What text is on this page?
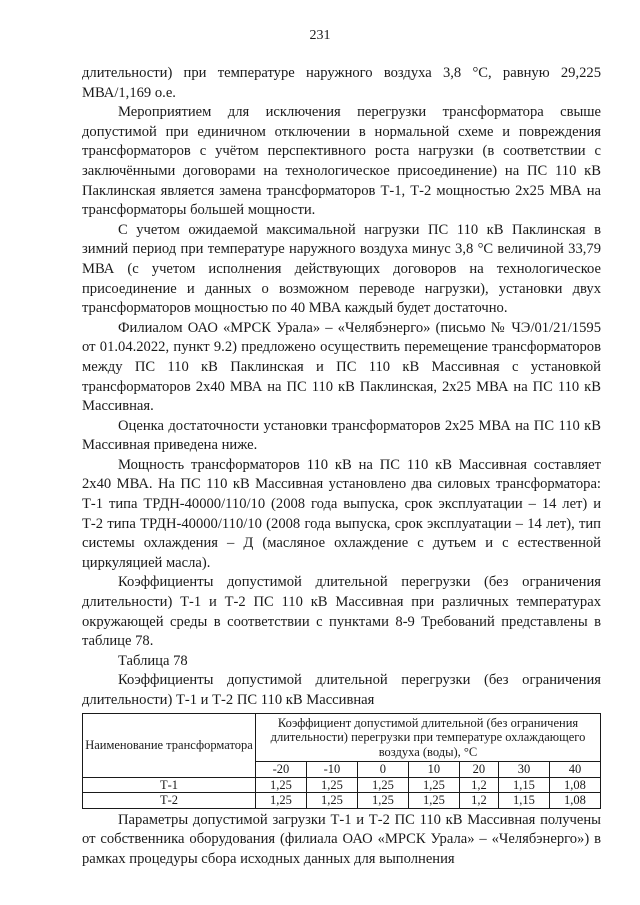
231

длительности) при температуре наружного воздуха 3,8 °С, равную 29,225 МВА/1,169 о.е.

Мероприятием для исключения перегрузки трансформатора свыше допустимой при единичном отключении в нормальной схеме и повреждения трансформаторов с учётом перспективного роста нагрузки (в соответствии с заключёнными договорами на технологическое присоединение) на ПС 110 кВ Паклинская является замена трансформаторов Т-1, Т-2 мощностью 2х25 МВА на трансформаторы большей мощности.

С учетом ожидаемой максимальной нагрузки ПС 110 кВ Паклинская в зимний период при температуре наружного воздуха минус 3,8 °С величиной 33,79 МВА (с учетом исполнения действующих договоров на технологическое присоединение и данных о возможном переводе нагрузки), установки двух трансформаторов мощностью по 40 МВА каждый будет достаточно.

Филиалом ОАО «МРСК Урала» – «Челябэнерго» (письмо № ЧЭ/01/21/1595 от 01.04.2022, пункт 9.2) предложено осуществить перемещение трансформаторов между ПС 110 кВ Паклинская и ПС 110 кВ Массивная с установкой трансформаторов 2х40 МВА на ПС 110 кВ Паклинская, 2х25 МВА на ПС 110 кВ Массивная.

Оценка достаточности установки трансформаторов 2х25 МВА на ПС 110 кВ Массивная приведена ниже.

Мощность трансформаторов 110 кВ на ПС 110 кВ Массивная составляет 2х40 МВА. На ПС 110 кВ Массивная установлено два силовых трансформатора: Т-1 типа ТРДН-40000/110/10 (2008 года выпуска, срок эксплуатации – 14 лет) и Т-2 типа ТРДН-40000/110/10 (2008 года выпуска, срок эксплуатации – 14 лет), тип системы охлаждения – Д (масляное охлаждение с дутьем и с естественной циркуляцией масла).

Коэффициенты допустимой длительной перегрузки (без ограничения длительности) Т-1 и Т-2 ПС 110 кВ Массивная при различных температурах окружающей среды в соответствии с пунктами 8-9 Требований представлены в таблице 78.

Таблица 78

Коэффициенты допустимой длительной перегрузки (без ограничения длительности) Т-1 и Т-2 ПС 110 кВ Массивная

Наименование трансформатора	Коэффициент допустимой длительной (без ограничения длительности) перегрузки при температуре охлаждающего воздуха (воды), °С						
	-20	-10	0	10	20	30	40
Т-1	1,25	1,25	1,25	1,25	1,2	1,15	1,08
Т-2	1,25	1,25	1,25	1,25	1,2	1,15	1,08

Параметры допустимой загрузки Т-1 и Т-2 ПС 110 кВ Массивная получены от собственника оборудования (филиала ОАО «МРСК Урала» – «Челябэнерго») в рамках процедуры сбора исходных данных для выполнения
